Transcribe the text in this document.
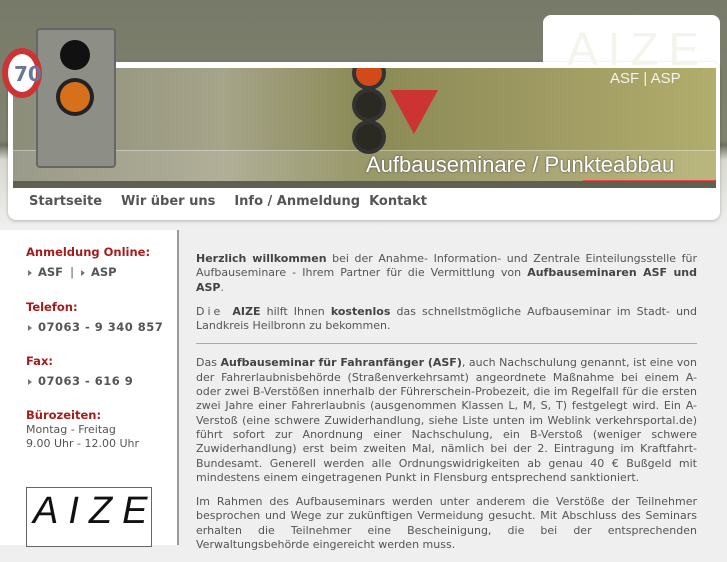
70	AIZE
ASF | ASP
Aufbauseminare / Punkteabbau
Startseite Wir über uns Info / Anmeldung Kontakt
Anmeldung Online:
ASF | ASP
Telefon:
07063 - 9 340 857
Fax:
07063 - 616 9
Bürozeiten:
Montag - Freitag
9.00 Uhr - 12.00 Uhr
AIZE

Herzlich willkommen bei der Anahme- Information- und Zentrale Einteilungsstelle für Aufbauseminare - Ihrem Partner für die Vermittlung von Aufbauseminaren ASF und ASP.

Die AIZE hilft Ihnen kostenlos das schnellstmögliche Aufbauseminar im Stadt- und Landkreis Heilbronn zu bekommen.

Das Aufbauseminar für Fahranfänger (ASF), auch Nachschulung genannt, ist eine von der Fahrerlaubnisbehörde (Straßenverkehrsamt) angeordnete Maßnahme bei einem A- oder zwei B-Verstößen innerhalb der Führerschein-Probezeit, die im Regelfall für die ersten zwei Jahre einer Fahrerlaubnis (ausgenommen Klassen L, M, S, T) festgelegt wird. Ein A-Verstoß (eine schwere Zuwiderhandlung, siehe Liste unten im Weblink verkehrsportal.de) führt sofort zur Anordnung einer Nachschulung, ein B-Verstoß (weniger schwere Zuwiderhandlung) erst beim zweiten Mal, nämlich bei der 2. Eintragung im Kraftfahrt-Bundesamt. Generell werden alle Ordnungswidrigkeiten ab genau 40 € Bußgeld mit mindestens einem eingetragenen Punkt in Flensburg entsprechend sanktioniert.

Im Rahmen des Aufbauseminars werden unter anderem die Verstöße der Teilnehmer besprochen und Wege zur zukünftigen Vermeidung gesucht. Mit Abschluss des Seminars erhalten die Teilnehmer eine Bescheinigung, die bei der entsprechenden Verwaltungsbehörde eingereicht werden muss.
